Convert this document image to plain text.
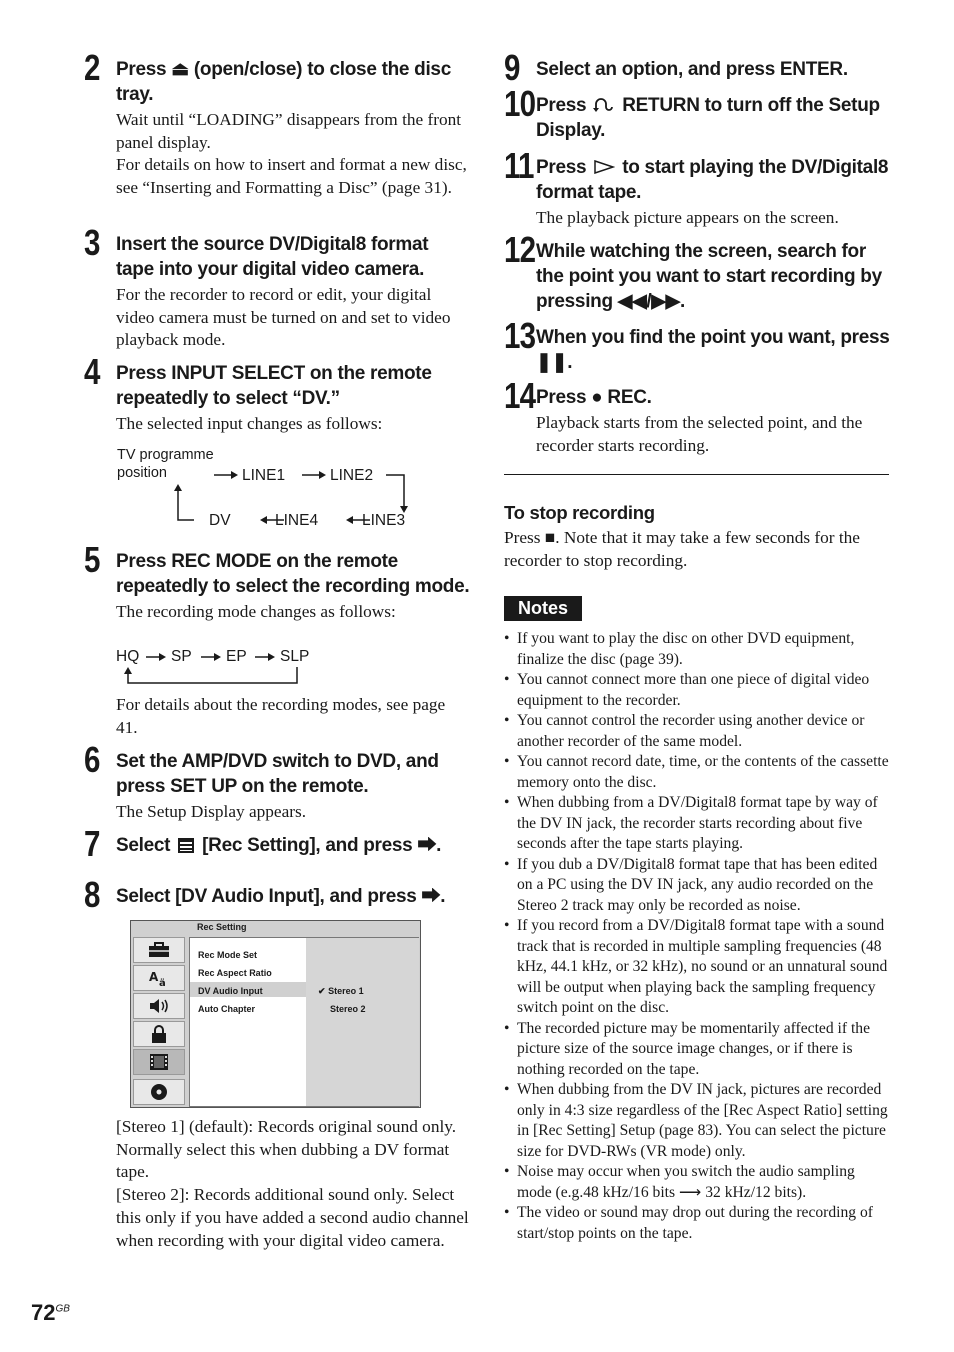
2 Press ⏏ (open/close) to close the disc tray.
Wait until “LOADING” disappears from the front panel display.
For details on how to insert and format a new disc, see “Inserting and Formatting a Disc” (page 31).
3 Insert the source DV/Digital8 format tape into your digital video camera.
For the recorder to record or edit, your digital video camera must be turned on and set to video playback mode.
4 Press INPUT SELECT on the remote repeatedly to select “DV.”
The selected input changes as follows:
TV programme position	LINE1	LINE2
DV	LINE4	LINE3
5 Press REC MODE on the remote repeatedly to select the recording mode.
The recording mode changes as follows:
HQ SP EP SLP
For details about the recording modes, see page 41.
6 Set the AMP/DVD switch to DVD, and press SET UP on the remote.
The Setup Display appears.
7 Select [Rec Setting], and press ⮕.
8 Select [DV Audio Input], and press ⮕.
Rec Setting
Rec Mode Set
Rec Aspect Ratio
DV Audio Input
Auto Chapter
✔ Stereo 1
Stereo 2
A ä
[Stereo 1] (default): Records original sound only. Normally select this when dubbing a DV format tape.
[Stereo 2]: Records additional sound only. Select this only if you have added a second audio channel when recording with your digital video camera.
9 Select an option, and press ENTER.
10 Press RETURN to turn off the Setup Display.
11 Press to start playing the DV/Digital8 format tape.
The playback picture appears on the screen.
12 While watching the screen, search for the point you want to start recording by pressing ◀◀/▶▶.
13 When you find the point you want, press ❚❚.
14 Press ● REC.
Playback starts from the selected point, and the recorder starts recording.
To stop recording
Press ■. Note that it may take a few seconds for the recorder to stop recording.
Notes
• If you want to play the disc on other DVD equipment, finalize the disc (page 39).
• You cannot connect more than one piece of digital video equipment to the recorder.
• You cannot control the recorder using another device or another recorder of the same model.
• You cannot record date, time, or the contents of the cassette memory onto the disc.
• When dubbing from a DV/Digital8 format tape by way of the DV IN jack, the recorder starts recording about five seconds after the tape starts playing.
• If you dub a DV/Digital8 format tape that has been edited on a PC using the DV IN jack, any audio recorded on the Stereo 2 track may only be recorded as noise.
• If you record from a DV/Digital8 format tape with a sound track that is recorded in multiple sampling frequencies (48 kHz, 44.1 kHz, or 32 kHz), no sound or an unnatural sound will be output when playing back the sampling frequency switch point on the disc.
• The recorded picture may be momentarily affected if the picture size of the source image changes, or if there is nothing recorded on the tape.
• When dubbing from the DV IN jack, pictures are recorded only in 4:3 size regardless of the [Rec Aspect Ratio] setting in [Rec Setting] Setup (page 83). You can select the picture size for DVD-RWs (VR mode) only.
• Noise may occur when you switch the audio sampling mode (e.g.48 kHz/16 bits ⟶ 32 kHz/12 bits).
• The video or sound may drop out during the recording of start/stop points on the tape.
$72^{GB}$
